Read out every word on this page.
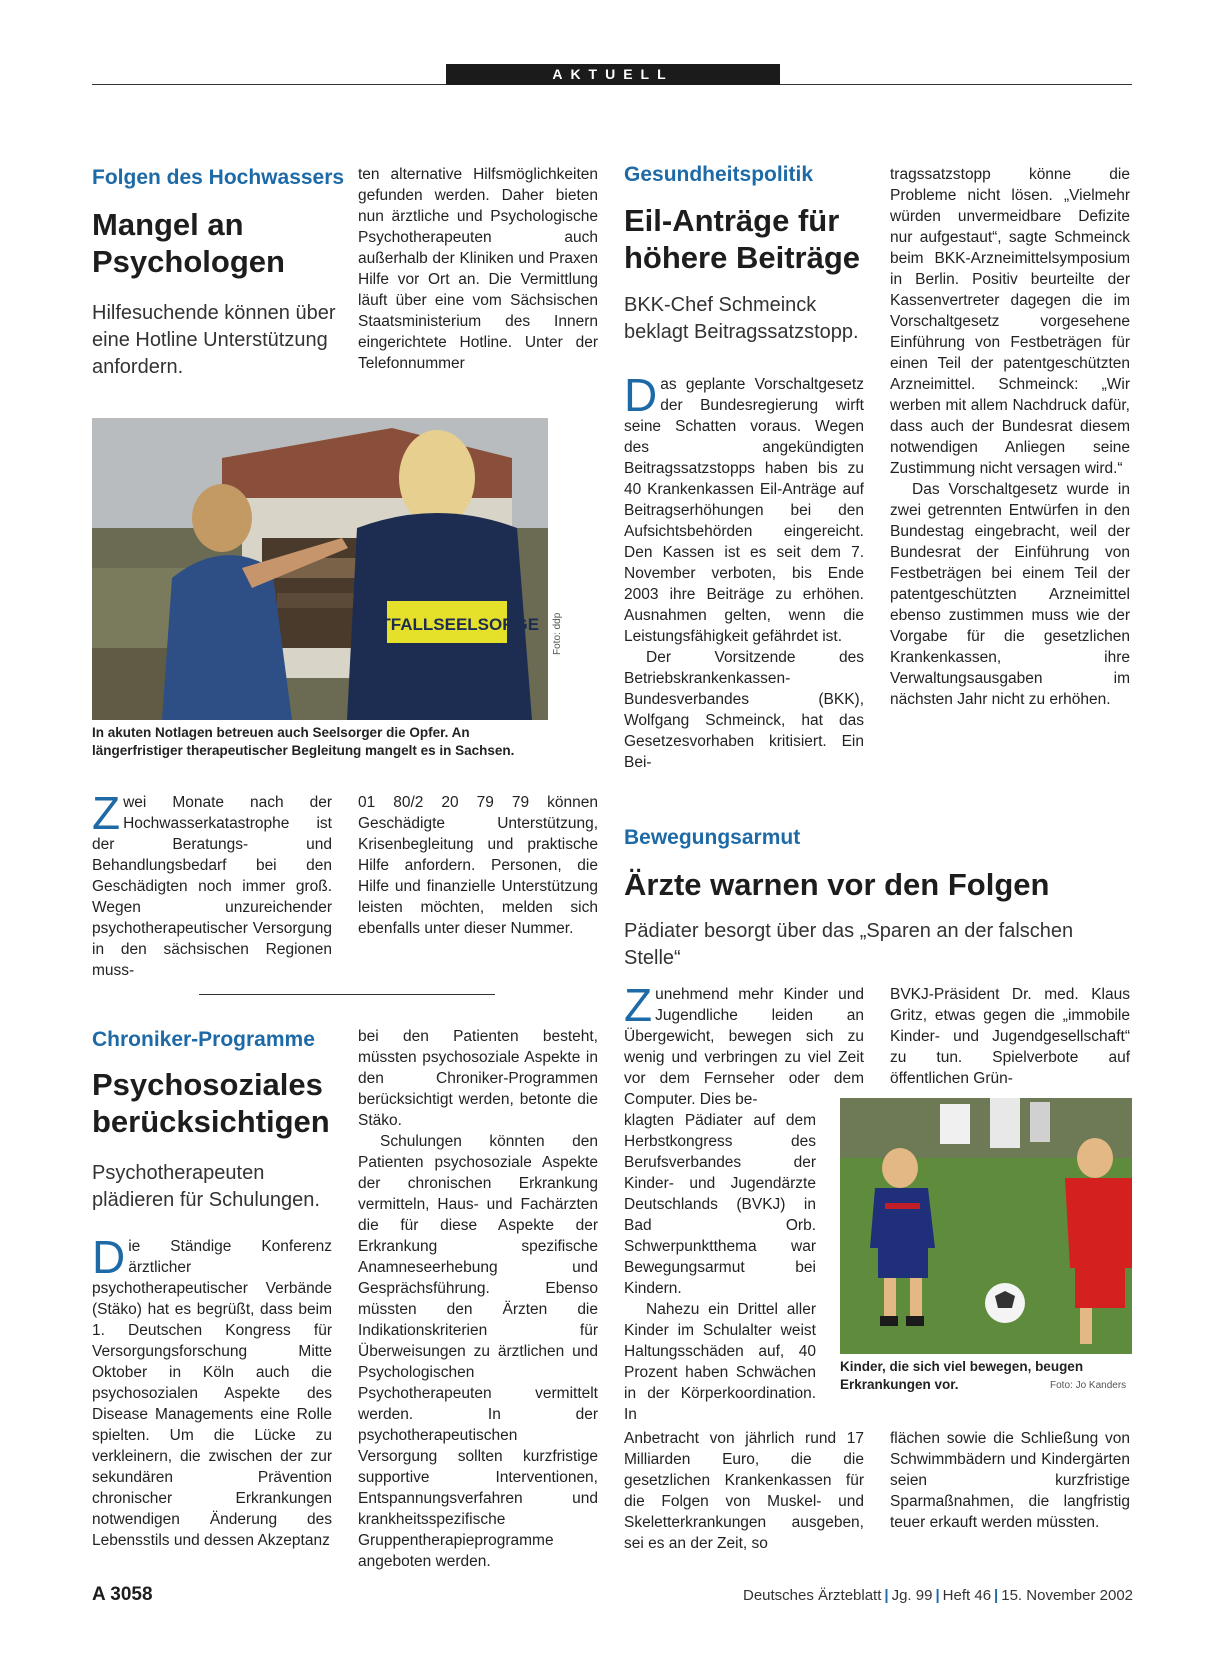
AKTUELL
Folgen des Hochwassers
Mangel an
Psychologen
Hilfesuchende können über eine Hotline Unterstützung anfordern.

ten alternative Hilfsmöglichkeiten gefunden werden. Daher bieten nun ärztliche und Psychologische Psychotherapeuten auch außerhalb der Kliniken und Praxen Hilfe vor Ort an. Die Vermittlung läuft über eine vom Sächsischen Staatsministerium des Innern eingerichtete Hotline. Unter der Telefonnummer

NOTFALLSEELSORGE Foto: ddp
In akuten Notlagen betreuen auch Seelsorger die Opfer. An längerfristiger therapeutischer Begleitung mangelt es in Sachsen.

Zwei Monate nach der Hochwasserkatastrophe ist der Beratungs- und Behandlungsbedarf bei den Geschädigten noch immer groß. Wegen unzureichender psychotherapeutischer Versorgung in den sächsischen Regionen muss-

01 80/2 20 79 79 können Geschädigte Unterstützung, Krisenbegleitung und praktische Hilfe anfordern. Personen, die Hilfe und finanzielle Unterstützung leisten möchten, melden sich ebenfalls unter dieser Nummer.

Gesundheitspolitik
Eil-Anträge für
höhere Beiträge
BKK-Chef Schmeinck beklagt Beitragssatzstopp.

Das geplante Vorschaltgesetz der Bundesregierung wirft seine Schatten voraus. Wegen des angekündigten Beitragssatzstopps haben bis zu 40 Krankenkassen Eil-Anträge auf Beitragserhöhungen bei den Aufsichtsbehörden eingereicht. Den Kassen ist es seit dem 7. November verboten, bis Ende 2003 ihre Beiträge zu erhöhen. Ausnahmen gelten, wenn die Leistungsfähigkeit gefährdet ist.

Der Vorsitzende des Betriebskrankenkassen-Bundesverbandes (BKK), Wolfgang Schmeinck, hat das Gesetzesvorhaben kritisiert. Ein Bei-

tragssatzstopp könne die Probleme nicht lösen. „Vielmehr würden unvermeidbare Defizite nur aufgestaut“, sagte Schmeinck beim BKK-Arzneimittelsymposium in Berlin. Positiv beurteilte der Kassenvertreter dagegen die im Vorschaltgesetz vorgesehene Einführung von Festbeträgen für einen Teil der patentgeschützten Arzneimittel. Schmeinck: „Wir werben mit allem Nachdruck dafür, dass auch der Bundesrat diesem notwendigen Anliegen seine Zustimmung nicht versagen wird.“

Das Vorschaltgesetz wurde in zwei getrennten Entwürfen in den Bundestag eingebracht, weil der Bundesrat der Einführung von Festbeträgen bei einem Teil der patentgeschützten Arzneimittel ebenso zustimmen muss wie der Vorgabe für die gesetzlichen Krankenkassen, ihre Verwaltungsausgaben im nächsten Jahr nicht zu erhöhen.

Chroniker-Programme
Psychosoziales
berücksichtigen
Psychotherapeuten plädieren für Schulungen.

Die Ständige Konferenz ärztlicher psychotherapeutischer Verbände (Stäko) hat es begrüßt, dass beim 1. Deutschen Kongress für Versorgungsforschung Mitte Oktober in Köln auch die psychosozialen Aspekte des Disease Managements eine Rolle spielten. Um die Lücke zu verkleinern, die zwischen der zur sekundären Prävention chronischer Erkrankungen notwendigen Änderung des Lebensstils und dessen Akzeptanz

bei den Patienten besteht, müssten psychosoziale Aspekte in den Chroniker-Programmen berücksichtigt werden, betonte die Stäko.

Schulungen könnten den Patienten psychosoziale Aspekte der chronischen Erkrankung vermitteln, Haus- und Fachärzten die für diese Aspekte der Erkrankung spezifische Anamneseerhebung und Gesprächsführung. Ebenso müssten den Ärzten die Indikationskriterien für Überweisungen zu ärztlichen und Psychologischen Psychotherapeuten vermittelt werden. In der psychotherapeutischen Versorgung sollten kurzfristige supportive Interventionen, Entspannungsverfahren und krankheitsspezifische Gruppentherapieprogramme angeboten werden.

Bewegungsarmut
Ärzte warnen vor den Folgen
Pädiater besorgt über das „Sparen an der falschen Stelle“

Zunehmend mehr Kinder und Jugendliche leiden an Übergewicht, bewegen sich zu wenig und verbringen zu viel Zeit vor dem Fernseher oder dem Computer. Dies be-

klagten Pädiater auf dem Herbstkongress des Berufsverbandes der Kinder- und Jugendärzte Deutschlands (BVKJ) in Bad Orb. Schwerpunktthema war Bewegungsarmut bei Kindern.

Nahezu ein Drittel aller Kinder im Schulalter weist Haltungsschäden auf, 40 Prozent haben Schwächen in der Körperkoordination. In

Anbetracht von jährlich rund 17 Milliarden Euro, die die gesetzlichen Krankenkassen für die Folgen von Muskel- und Skeletterkrankungen ausgeben, sei es an der Zeit, so

BVKJ-Präsident Dr. med. Klaus Gritz, etwas gegen die „immobile Kinder- und Jugendgesellschaft“ zu tun. Spielverbote auf öffentlichen Grün-

Kinder, die sich viel bewegen, beugen Erkrankungen vor.	Foto: Jo Kanders

flächen sowie die Schließung von Schwimmbädern und Kindergärten seien kurzfristige Sparmaßnahmen, die langfristig teuer erkauft werden müssten.

A 3058	Deutsches Ärzteblatt | Jg. 99 | Heft 46 | 15. November 2002
